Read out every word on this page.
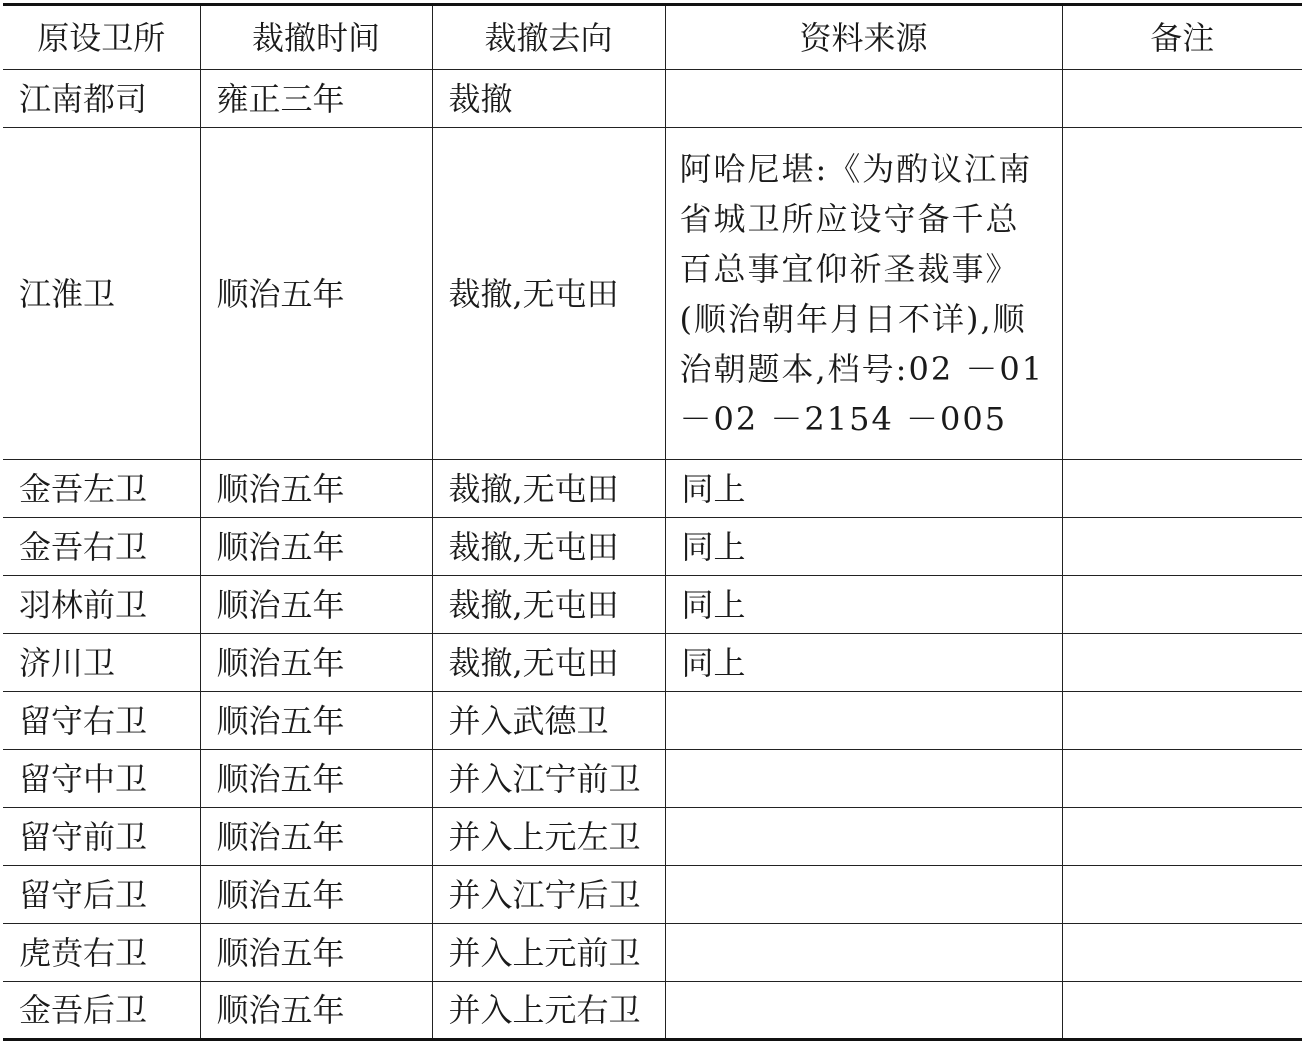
原设卫所	裁撤时间	裁撤去向	资料来源	备注
江南都司	雍正三年	裁撤		
江淮卫	顺治五年	裁撤,无屯田	阿哈尼堪:《为酌议江南省城卫所应设守备千总百总事宜仰祈圣裁事》(顺治朝年月日不详),顺治朝题本,档号:02 －01 －02 －2154 －005	
金吾左卫	顺治五年	裁撤,无屯田	同上	
金吾右卫	顺治五年	裁撤,无屯田	同上	
羽林前卫	顺治五年	裁撤,无屯田	同上	
济川卫	顺治五年	裁撤,无屯田	同上	
留守右卫	顺治五年	并入武德卫		
留守中卫	顺治五年	并入江宁前卫		
留守前卫	顺治五年	并入上元左卫		
留守后卫	顺治五年	并入江宁后卫		
虎贲右卫	顺治五年	并入上元前卫		
金吾后卫	顺治五年	并入上元右卫		
